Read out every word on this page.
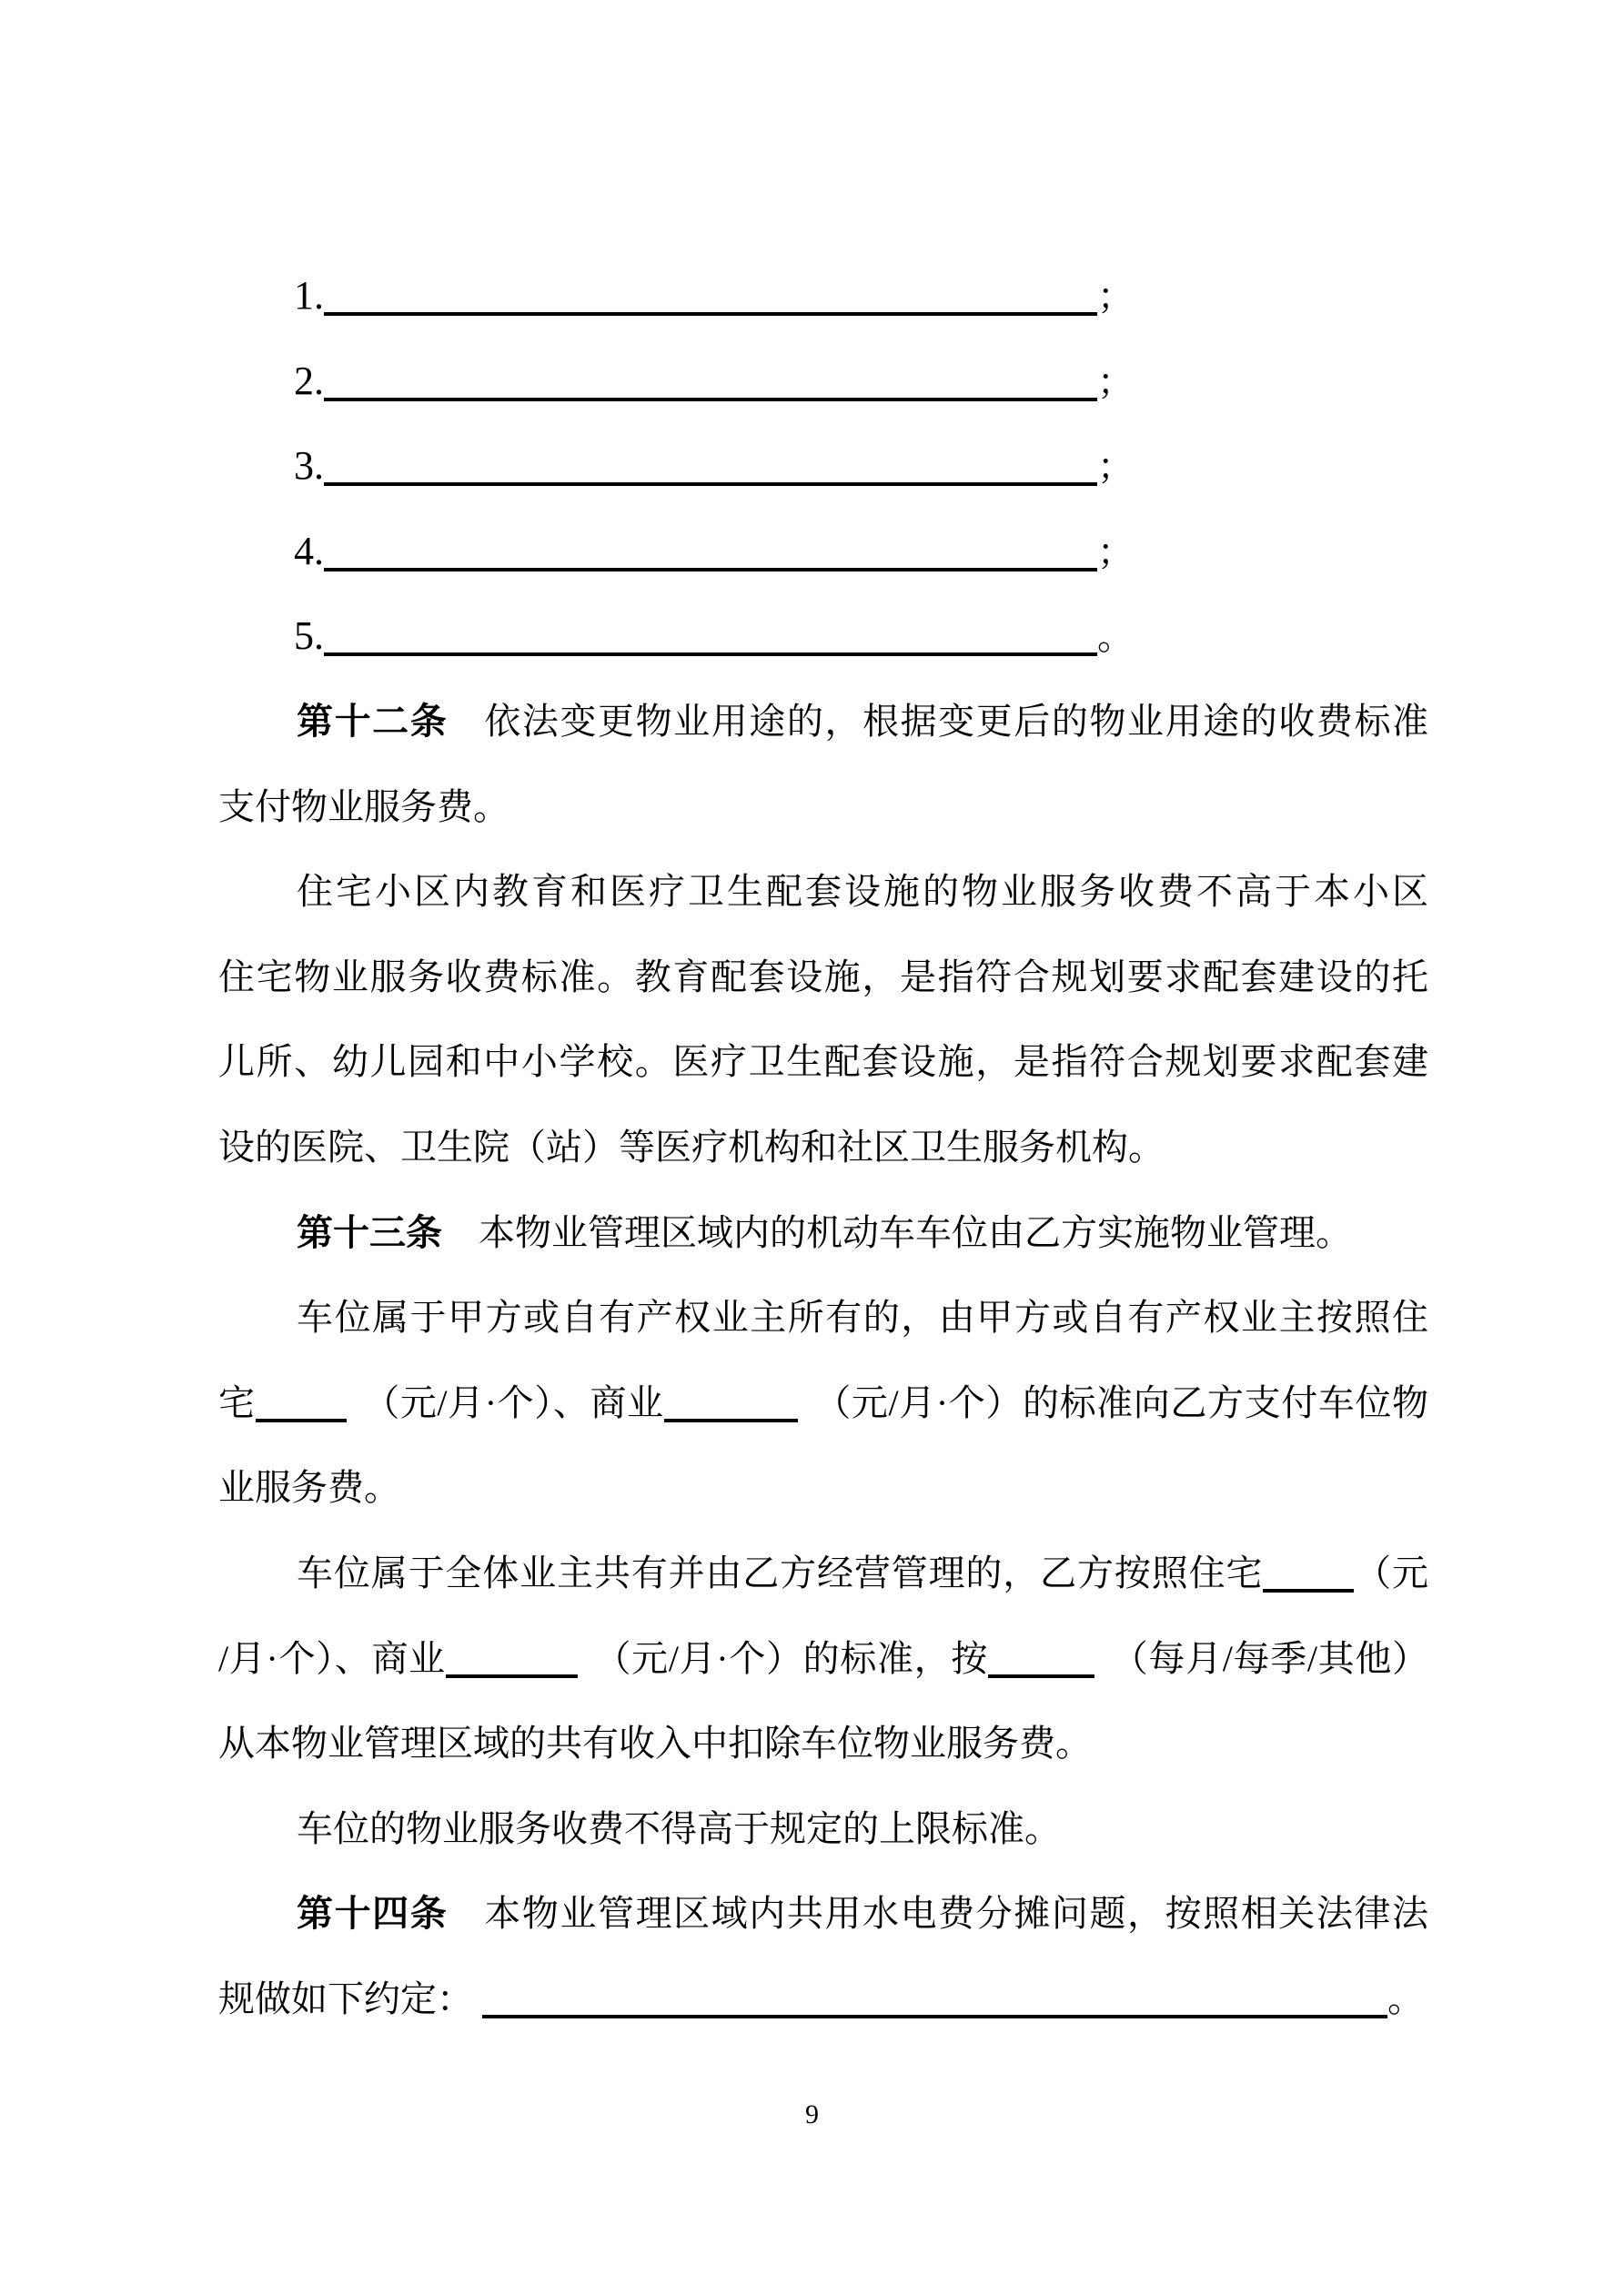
1.	；
2.	；
3.	；
4.	；
5.	。
第十二条 依法变更物业用途的，根据变更后的物业用途的收费标准
支付物业服务费。
住宅小区内教育和医疗卫生配套设施的物业服务收费不高于本小区
住宅物业服务收费标准。教育配套设施，是指符合规划要求配套建设的托
儿所、幼儿园和中小学校。医疗卫生配套设施，是指符合规划要求配套建
设的医院、卫生院（站）等医疗机构和社区卫生服务机构。
第十三条 本物业管理区域内的机动车车位由乙方实施物业管理。
车位属于甲方或自有产权业主所有的，由甲方或自有产权业主按照住
宅	（元/月·个）、商业	（元/月·个）的标准向乙方支付车位物
业服务费。
车位属于全体业主共有并由乙方经营管理的，乙方按照住宅	（元
/月·个）、商业	（元/月·个）的标准，按	（每月/每季/其他）
从本物业管理区域的共有收入中扣除车位物业服务费。
车位的物业服务收费不得高于规定的上限标准。
第十四条 本物业管理区域内共用水电费分摊问题，按照相关法律法
规做如下约定：	。
9
